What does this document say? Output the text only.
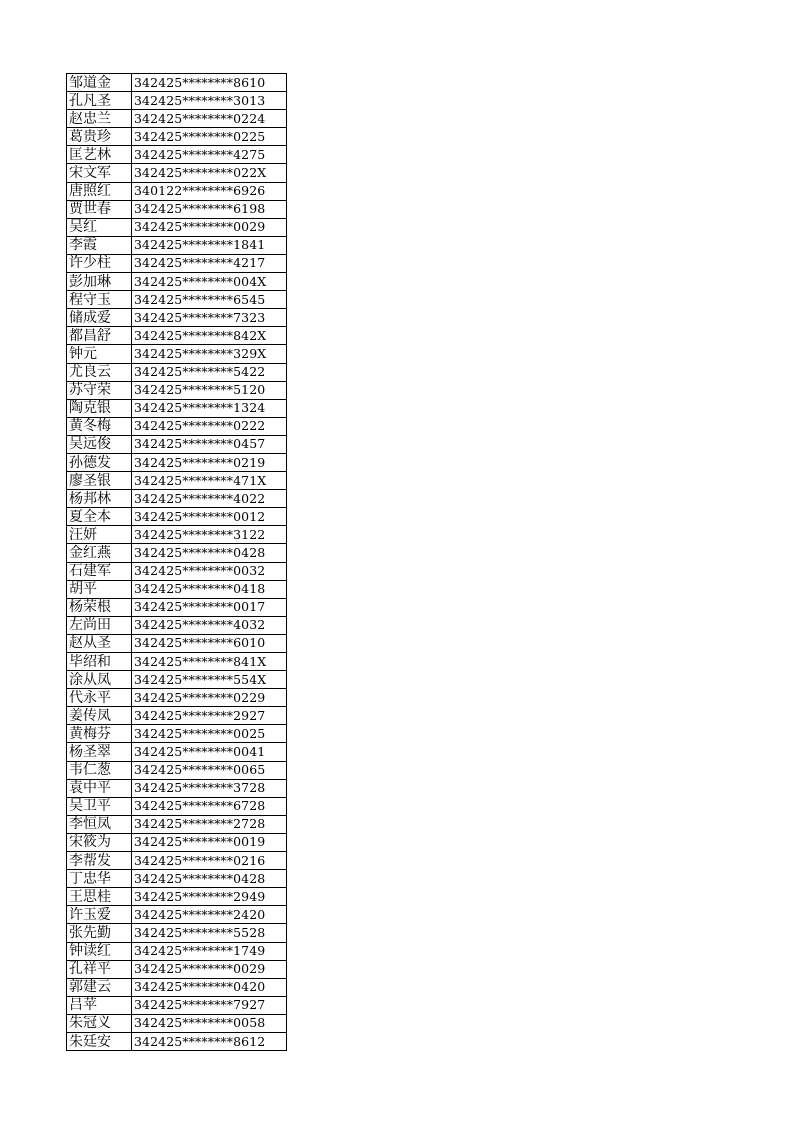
邹道金	342425********8610
孔凡圣	342425********3013
赵忠兰	342425********0224
葛贵珍	342425********0225
匡艺林	342425********4275
宋文军	342425********022X
唐照红	340122********6926
贾世春	342425********6198
吴红	342425********0029
李霞	342425********1841
许少柱	342425********4217
彭加琳	342425********004X
程守玉	342425********6545
储成爱	342425********7323
都昌舒	342425********842X
钟元	342425********329X
尤良云	342425********5422
苏守荣	342425********5120
陶克银	342425********1324
黄冬梅	342425********0222
吴远俊	342425********0457
孙德发	342425********0219
廖圣银	342425********471X
杨邦林	342425********4022
夏全本	342425********0012
汪妍	342425********3122
金红燕	342425********0428
石建军	342425********0032
胡平	342425********0418
杨荣根	342425********0017
左尚田	342425********4032
赵从圣	342425********6010
毕绍和	342425********841X
涂从凤	342425********554X
代永平	342425********0229
姜传凤	342425********2927
黄梅芬	342425********0025
杨圣翠	342425********0041
韦仁葱	342425********0065
袁中平	342425********3728
吴卫平	342425********6728
李恒凤	342425********2728
宋筱为	342425********0019
李帮发	342425********0216
丁忠华	342425********0428
王思桂	342425********2949
许玉爱	342425********2420
张先勤	342425********5528
钟读红	342425********1749
孔祥平	342425********0029
郭建云	342425********0420
吕苹	342425********7927
朱冠义	342425********0058
朱廷安	342425********8612
